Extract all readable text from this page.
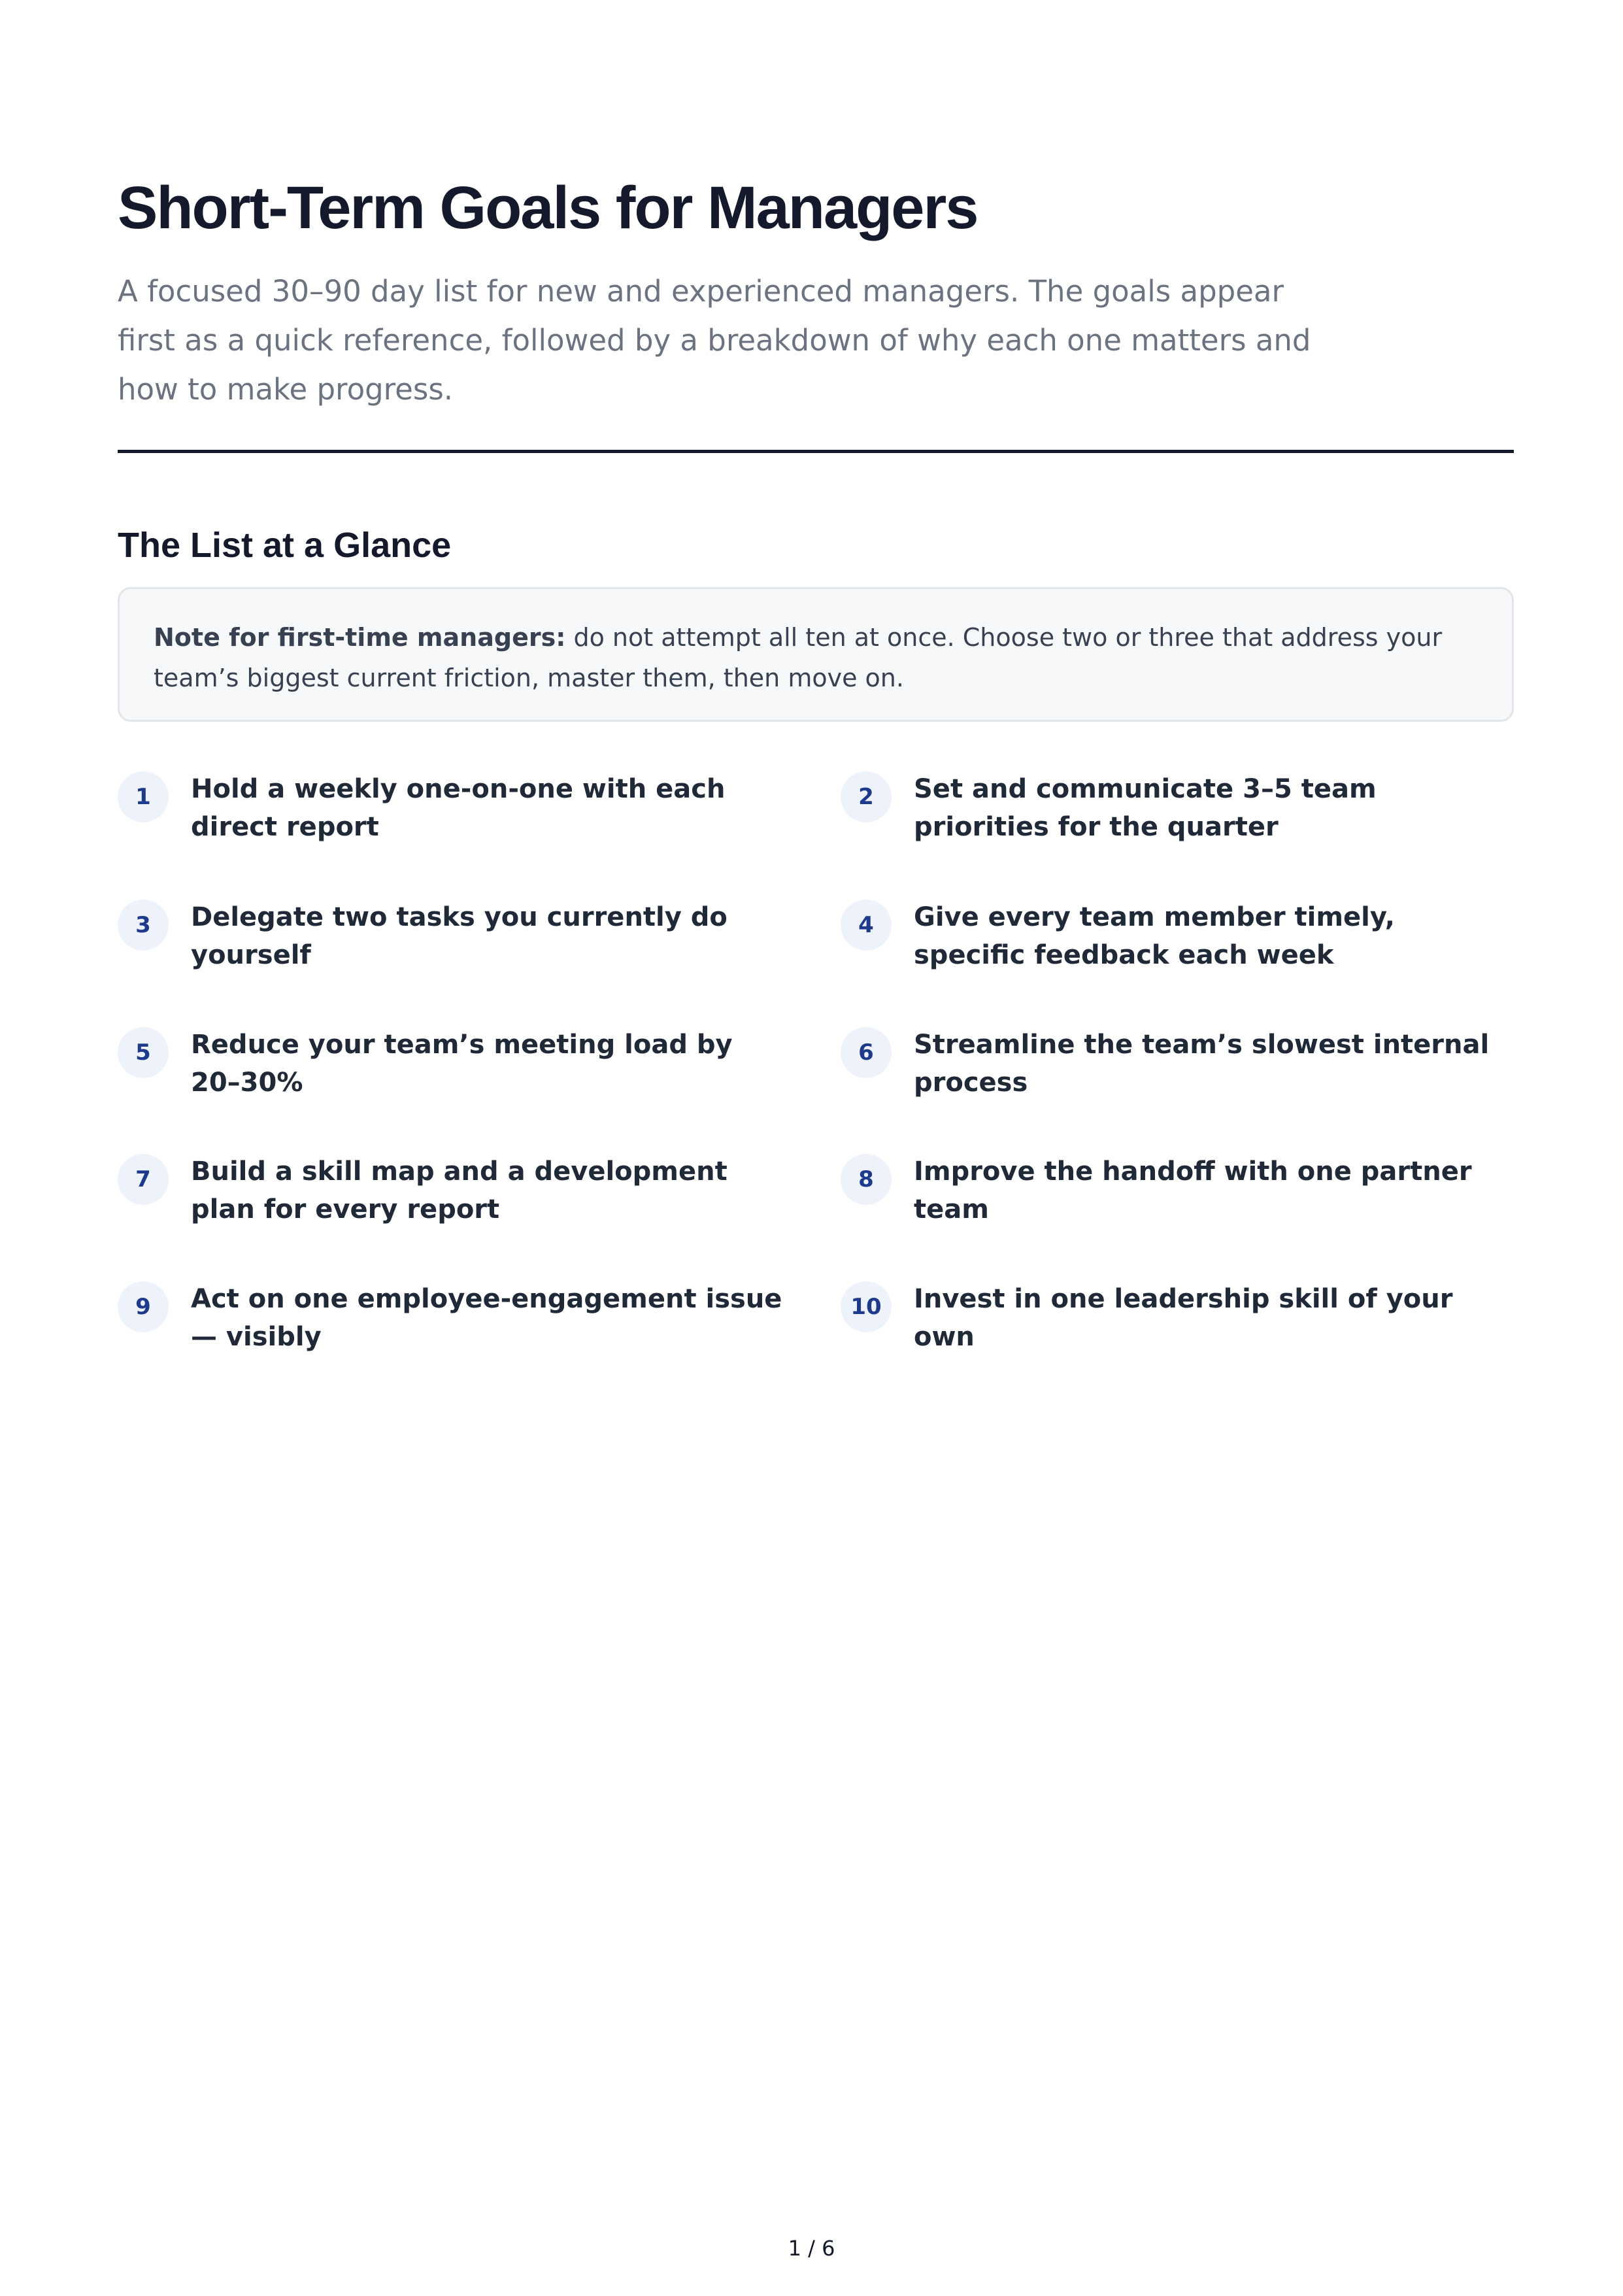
Short-Term Goals for Managers

A focused 30–90 day list for new and experienced managers. The goals appear first as a quick reference, followed by a breakdown of why each one matters and how to make progress.

The List at a Glance
Note for first-time managers: do not attempt all ten at once. Choose two or three that address your team’s biggest current friction, master them, then move on.
1	Hold a weekly one-on-one with each direct report
2	Set and communicate 3–5 team priorities for the quarter
3	Delegate two tasks you currently do yourself
4	Give every team member timely, specific feedback each week
5	Reduce your team’s meeting load by 20–30%
6	Streamline the team’s slowest internal process
7	Build a skill map and a development plan for every report
8	Improve the handoff with one partner team
9	Act on one employee-engagement issue — visibly
10	Invest in one leadership skill of your own
1 / 6
